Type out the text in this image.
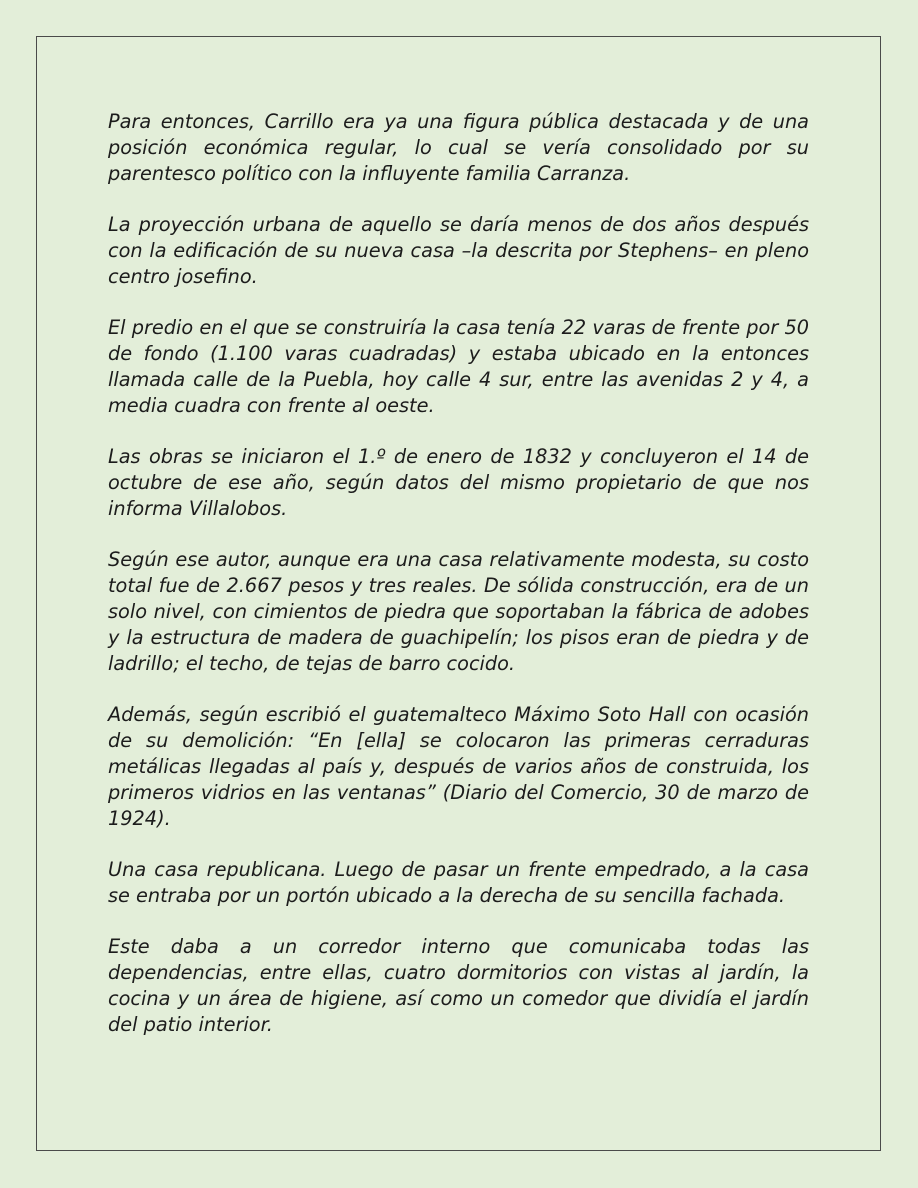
Para entonces, Carrillo era ya una figura pública destacada y de una posición económica regular, lo cual se vería consolidado por su parentesco político con la influyente familia Carranza.

La proyección urbana de aquello se daría menos de dos años después con la edificación de su nueva casa –la descrita por Stephens– en pleno centro josefino.

El predio en el que se construiría la casa tenía 22 varas de frente por 50 de fondo (1.100 varas cuadradas) y estaba ubicado en la entonces llamada calle de la Puebla, hoy calle 4 sur, entre las avenidas 2 y 4, a media cuadra con frente al oeste.

Las obras se iniciaron el 1.º de enero de 1832 y concluyeron el 14 de octubre de ese año, según datos del mismo propietario de que nos informa Villalobos.

Según ese autor, aunque era una casa relativamente modesta, su costo total fue de 2.667 pesos y tres reales. De sólida construcción, era de un solo nivel, con cimientos de piedra que soportaban la fábrica de adobes y la estructura de madera de guachipelín; los pisos eran de piedra y de ladrillo; el techo, de tejas de barro cocido.

Además, según escribió el guatemalteco Máximo Soto Hall con ocasión de su demolición: “En [ella] se colocaron las primeras cerraduras metálicas llegadas al país y, después de varios años de construida, los primeros vidrios en las ventanas” (Diario del Comercio, 30 de marzo de 1924).

Una casa republicana. Luego de pasar un frente empedrado, a la casa se entraba por un portón ubicado a la derecha de su sencilla fachada.

Este daba a un corredor interno que comunicaba todas las dependencias, entre ellas, cuatro dormitorios con vistas al jardín, la cocina y un área de higiene, así como un comedor que dividía el jardín del patio interior.
